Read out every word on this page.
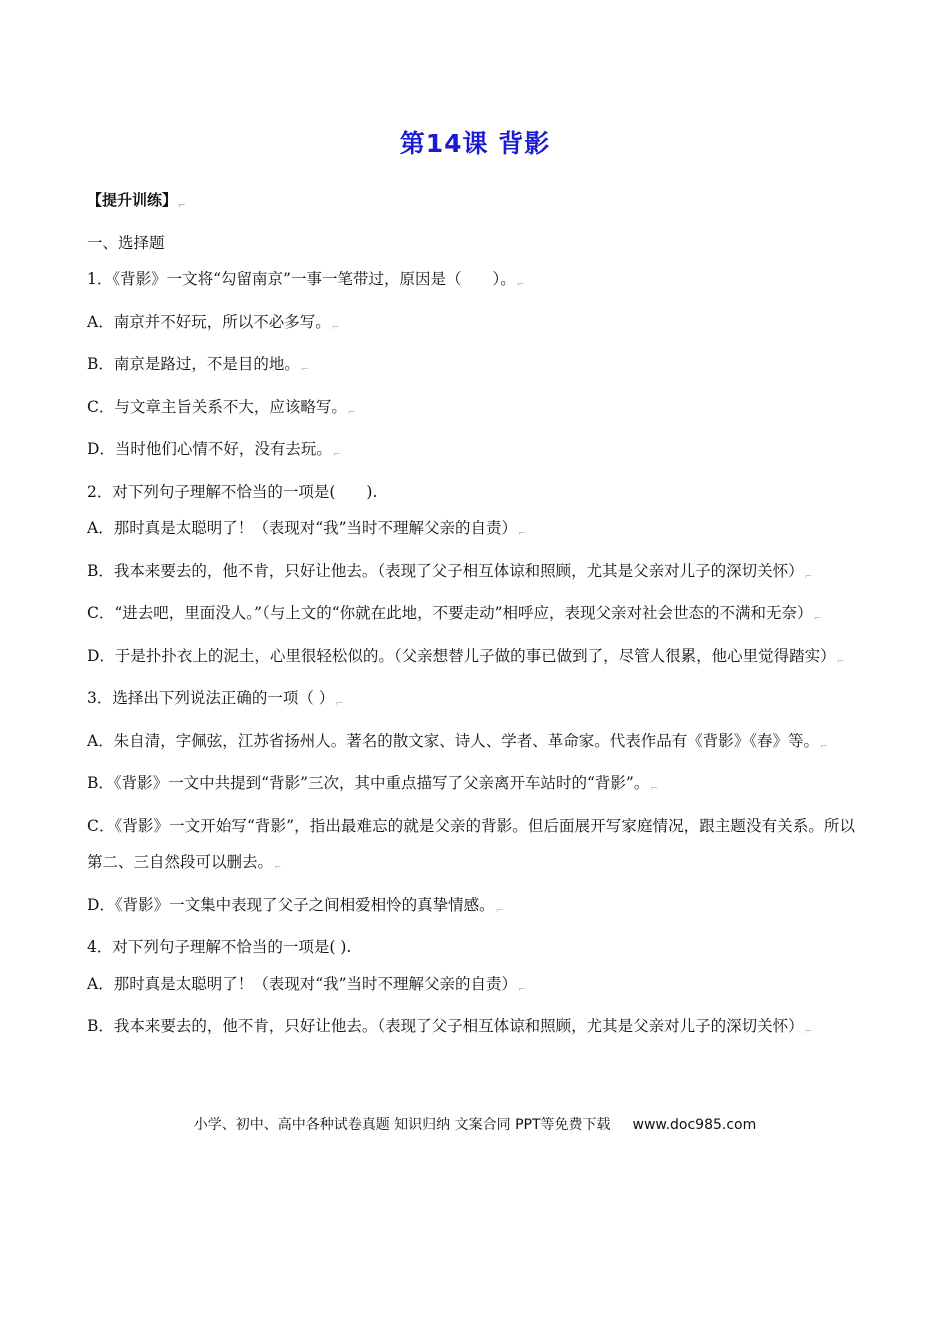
第14课 背影
【提升训练】$_⌐$
一、选择题
1．《背影》一文将“勾留南京”一事一笔带过，原因是（　　）。⌐
A．南京并不好玩，所以不必多写。⌐
B．南京是路过，不是目的地。⌐
C．与文章主旨关系不大，应该略写。⌐
D．当时他们心情不好，没有去玩。⌐
2．对下列句子理解不恰当的一项是(　　).
A．那时真是太聪明了！（表现对“我”当时不理解父亲的自责）⌐
B．我本来要去的，他不肯，只好让他去。（表现了父子相互体谅和照顾，尤其是父亲对儿子的深切关怀）⌐
C．“进去吧，里面没人。”（与上文的“你就在此地，不要走动”相呼应，表现父亲对社会世态的不满和无奈）⌐
D．于是扑扑衣上的泥土，心里很轻松似的。（父亲想替儿子做的事已做到了，尽管人很累，他心里觉得踏实）⌐
3．选择出下列说法正确的一项（ ）⌐
A．朱自清，字佩弦，江苏省扬州人。著名的散文家、诗人、学者、革命家。代表作品有《背影》《春》等。⌐
B．《背影》一文中共提到“背影”三次，其中重点描写了父亲离开车站时的“背影”。⌐
C．《背影》一文开始写“背影”，指出最难忘的就是父亲的背影。但后面展开写家庭情况，跟主题没有关系。所以第二、三自然段可以删去。⌐
D．《背影》一文集中表现了父子之间相爱相怜的真挚情感。⌐
4．对下列句子理解不恰当的一项是( ).
A．那时真是太聪明了！（表现对“我”当时不理解父亲的自责）⌐
B．我本来要去的，他不肯，只好让他去。（表现了父子相互体谅和照顾，尤其是父亲对儿子的深切关怀）⌐
小学、初中、高中各种试卷真题 知识归纳 文案合同 PPT等免费下载 www.doc985.com
